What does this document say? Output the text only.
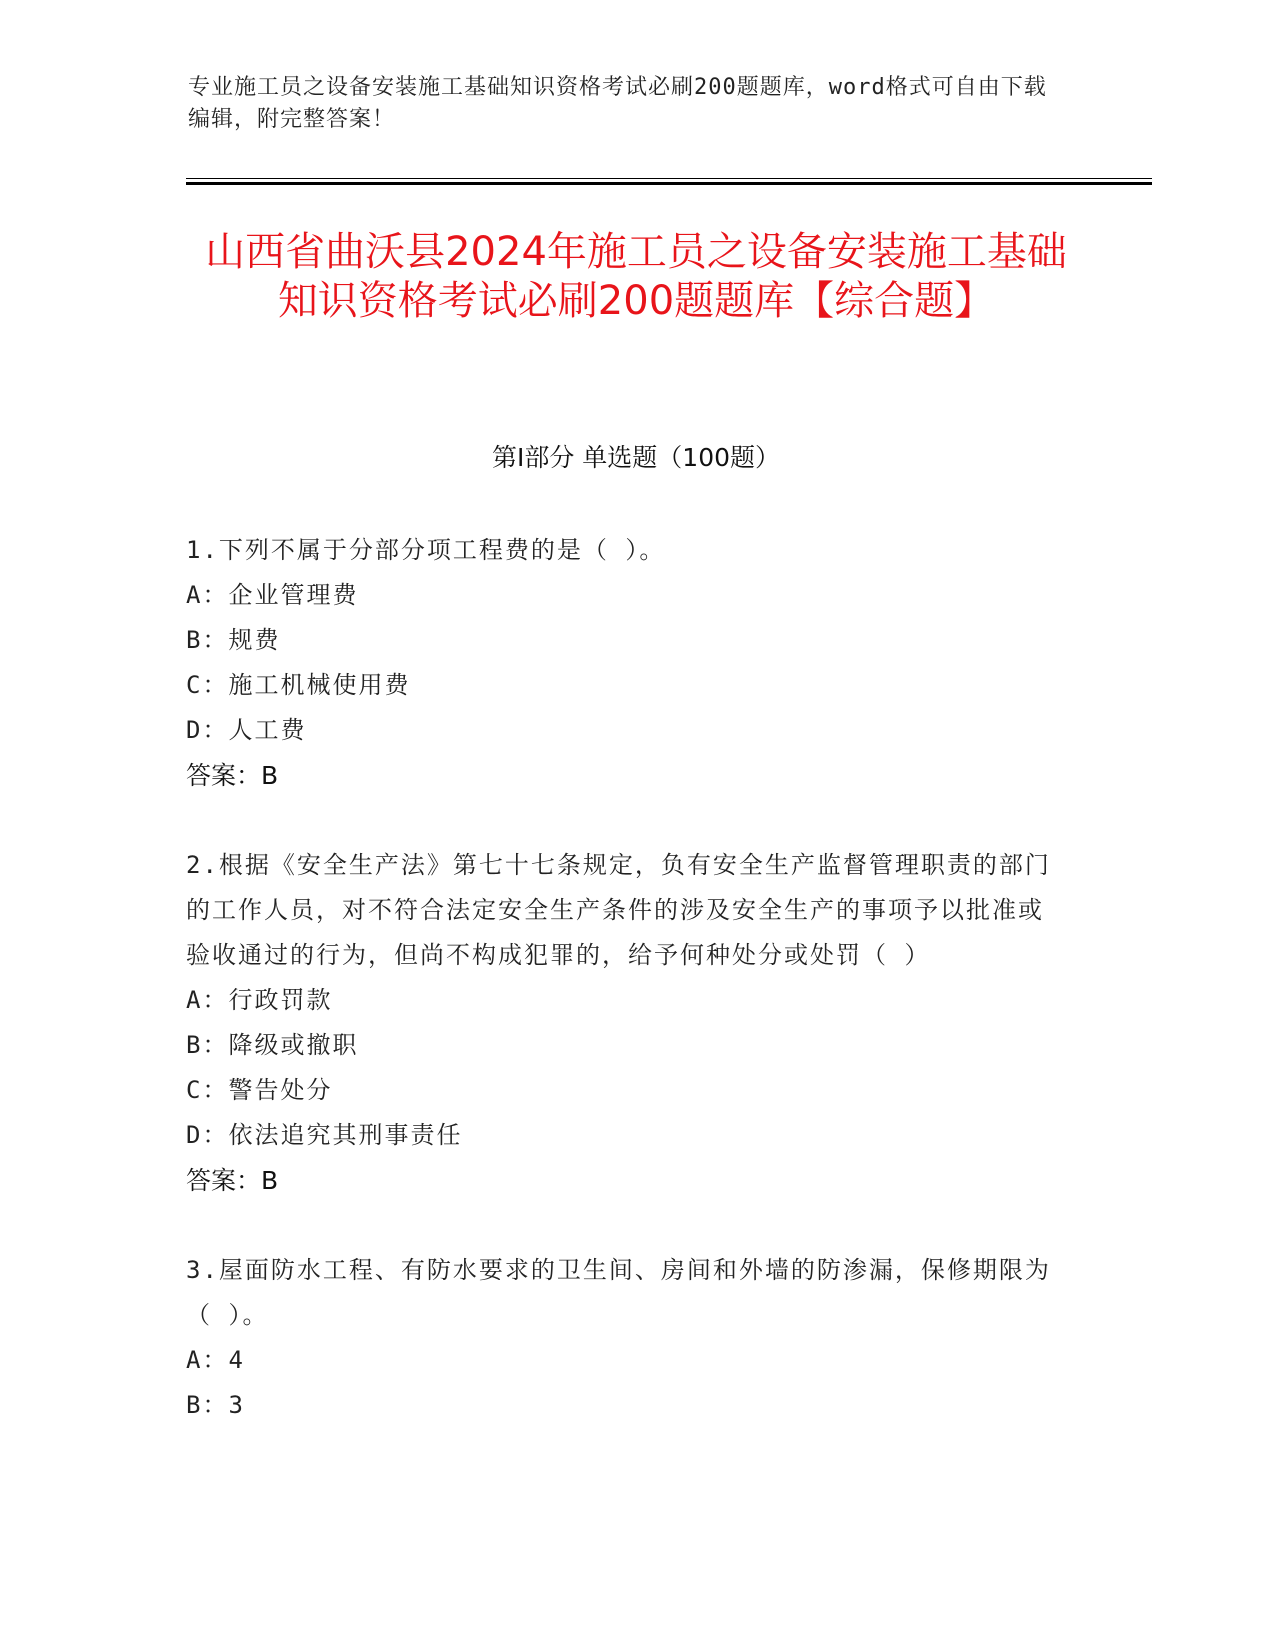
专业施工员之设备安装施工基础知识资格考试必刷200题题库，word格式可自由下载编辑，附完整答案！
山西省曲沃县2024年施工员之设备安装施工基础知识资格考试必刷200题题库【综合题】
第I部分 单选题（100题）
1.下列不属于分部分项工程费的是（ ）。
A：企业管理费
B：规费
C：施工机械使用费
D：人工费
答案：B
2.根据《安全生产法》第七十七条规定，负有安全生产监督管理职责的部门的工作人员，对不符合法定安全生产条件的涉及安全生产的事项予以批准或验收通过的行为，但尚不构成犯罪的，给予何种处分或处罚（ ）
A：行政罚款
B：降级或撤职
C：警告处分
D：依法追究其刑事责任
答案：B
3.屋面防水工程、有防水要求的卫生间、房间和外墙的防渗漏，保修期限为（ ）。
A：4
B：3
